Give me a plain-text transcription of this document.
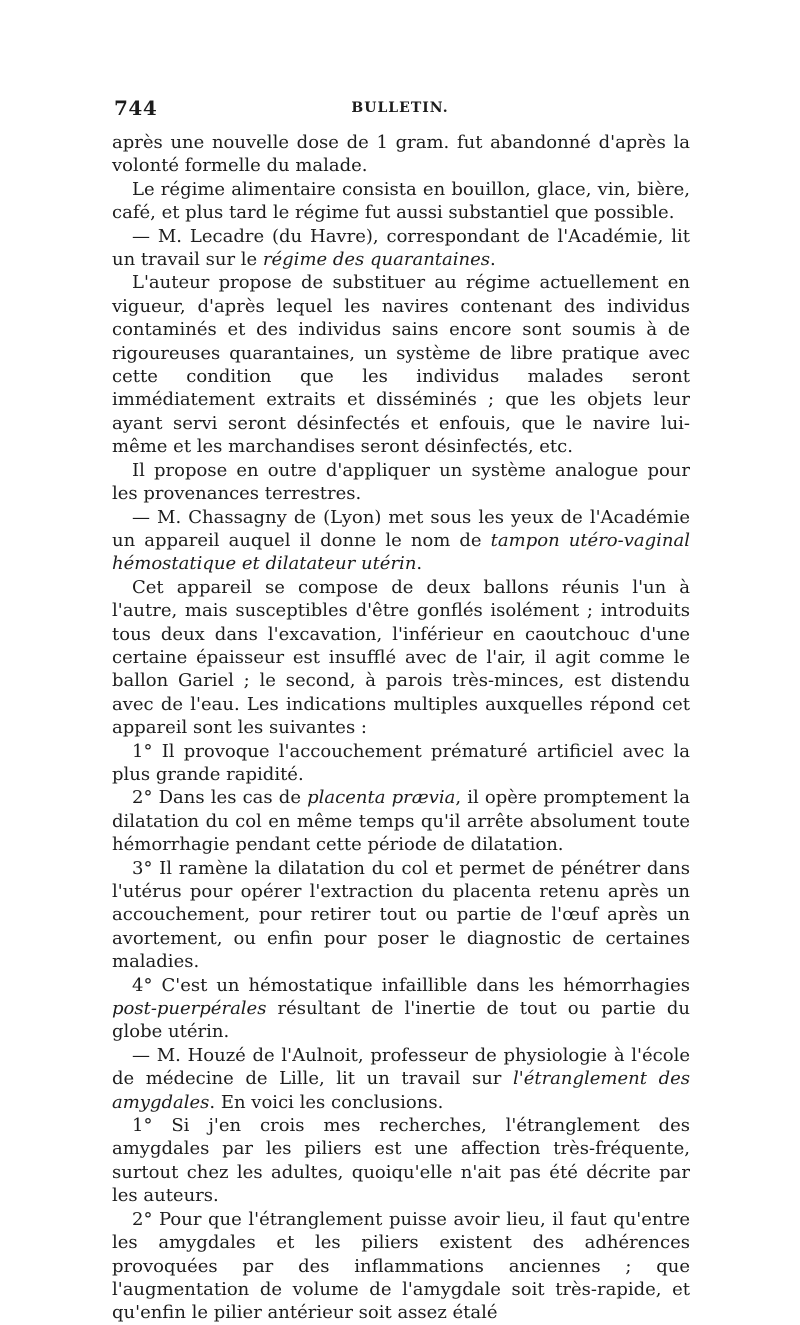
744	BULLETIN.

après une nouvelle dose de 1 gram. fut abandonné d'après la volonté formelle du malade.

Le régime alimentaire consista en bouillon, glace, vin, bière, café, et plus tard le régime fut aussi substantiel que possible.

— M. Lecadre (du Havre), correspondant de l'Académie, lit un travail sur le régime des quarantaines.

L'auteur propose de substituer au régime actuellement en vigueur, d'après lequel les navires contenant des individus contaminés et des individus sains encore sont soumis à de rigoureuses quarantaines, un système de libre pratique avec cette condition que les individus malades seront immédiatement extraits et disséminés ; que les objets leur ayant servi seront désinfectés et enfouis, que le navire lui-même et les marchandises seront désinfectés, etc.

Il propose en outre d'appliquer un système analogue pour les provenances terrestres.

— M. Chassagny de (Lyon) met sous les yeux de l'Académie un appareil auquel il donne le nom de tampon utéro-vaginal hémostatique et dilatateur utérin.

Cet appareil se compose de deux ballons réunis l'un à l'autre, mais susceptibles d'être gonflés isolément ; introduits tous deux dans l'excavation, l'inférieur en caoutchouc d'une certaine épaisseur est insufflé avec de l'air, il agit comme le ballon Gariel ; le second, à parois très-minces, est distendu avec de l'eau. Les indications multiples auxquelles répond cet appareil sont les suivantes :

1° Il provoque l'accouchement prématuré artificiel avec la plus grande rapidité.

2° Dans les cas de placenta prævia, il opère promptement la dilatation du col en même temps qu'il arrête absolument toute hémorrhagie pendant cette période de dilatation.

3° Il ramène la dilatation du col et permet de pénétrer dans l'utérus pour opérer l'extraction du placenta retenu après un accouchement, pour retirer tout ou partie de l'œuf après un avortement, ou enfin pour poser le diagnostic de certaines maladies.

4° C'est un hémostatique infaillible dans les hémorrhagies post-puerpérales résultant de l'inertie de tout ou partie du globe utérin.

— M. Houzé de l'Aulnoit, professeur de physiologie à l'école de médecine de Lille, lit un travail sur l'étranglement des amygdales. En voici les conclusions.

1° Si j'en crois mes recherches, l'étranglement des amygdales par les piliers est une affection très-fréquente, surtout chez les adultes, quoiqu'elle n'ait pas été décrite par les auteurs.

2° Pour que l'étranglement puisse avoir lieu, il faut qu'entre les amygdales et les piliers existent des adhérences provoquées par des inflammations anciennes ; que l'augmentation de volume de l'amygdale soit très-rapide, et qu'enfin le pilier antérieur soit assez étalé
